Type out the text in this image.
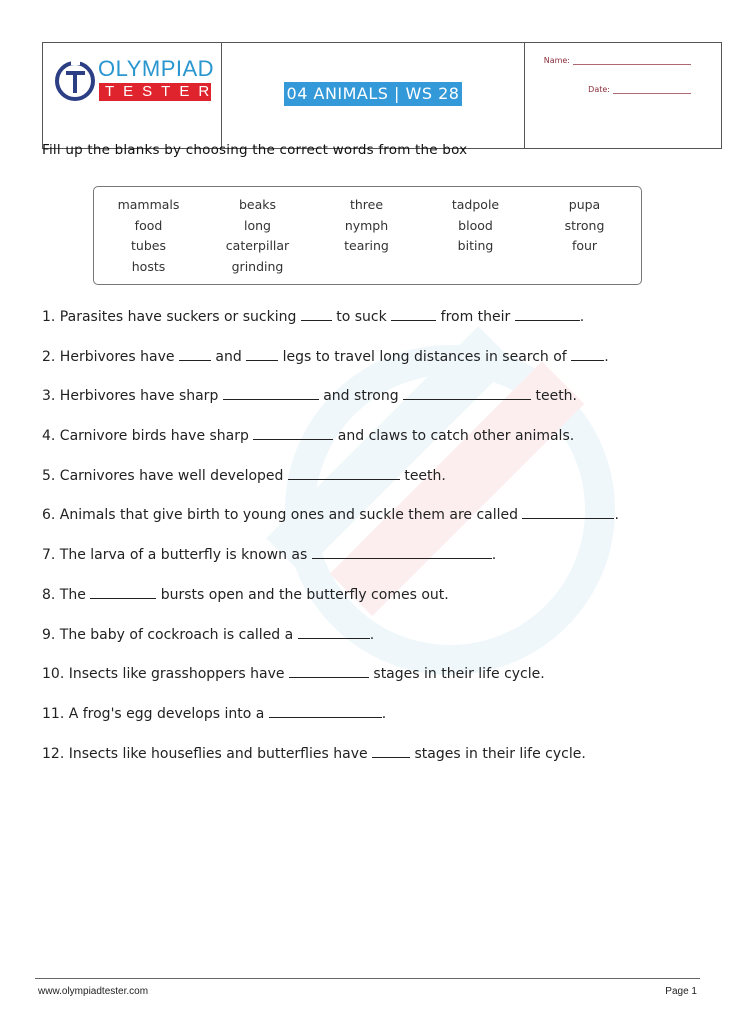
OLYMPIAD
TESTER	04 ANIMALS | WS 28
Name:
Date:
Fill up the blanks by choosing the correct words from the box
mammals	beaks	three	tadpole	pupa
food	long	nymph	blood	strong
tubes	caterpillar	tearing	biting	four
hosts	grinding
1. Parasites have suckers or sucking  to suck	from their	.
2. Herbivores have  and  legs to travel long distances in search of .
3. Herbivores have sharp	and strong	teeth.
4. Carnivore birds have sharp	and claws to catch other animals.
5. Carnivores have well developed	teeth.
6. Animals that give birth to young ones and suckle them are called	.
7. The larva of a butterfly is known as	.
8. The	bursts open and the butterfly comes out.
9. The baby of cockroach is called a	.
10. Insects like grasshoppers have	stages in their life cycle.
11. A frog's egg develops into a	.
12. Insects like houseflies and butterflies have	stages in their life cycle.
www.olympiadtester.com	Page 1
